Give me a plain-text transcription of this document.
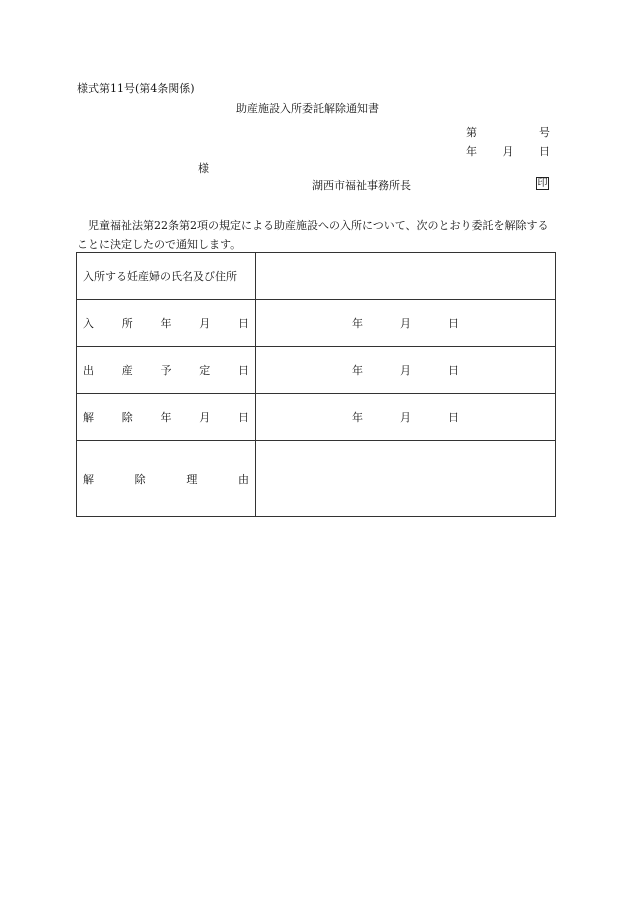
様式第11号(第4条関係)
助産施設入所委託解除通知書
第	号
年 月 日
様
湖西市福祉事務所長	印
児童福祉法第22条第2項の規定による助産施設への入所について、次のとおり委託を解除することに決定したので通知します。
入所する妊産婦の氏名及び住所	

入 所 年 月 日	年 月 日

出 産 予 定 日	年 月 日

解 除 年 月 日	年 月 日

解 除 理 由	
